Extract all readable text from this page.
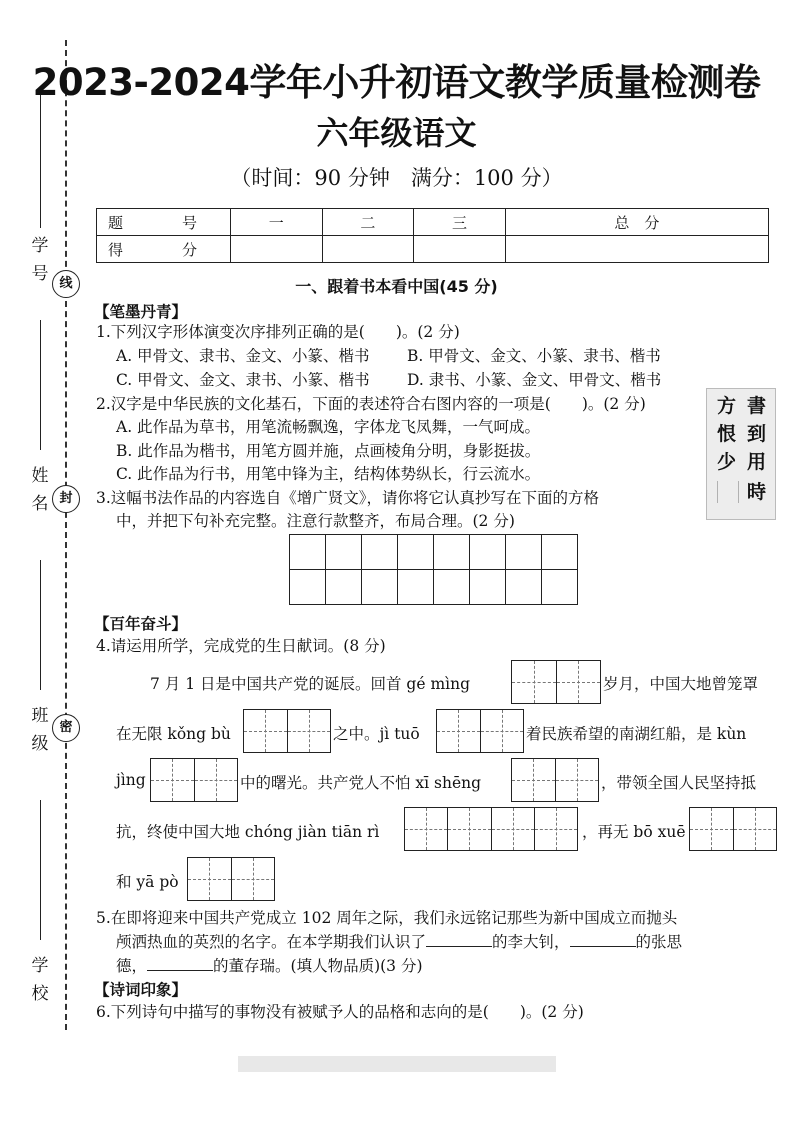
学 号
姓 名
班 级
学 校
线
封
密
2023-2024学年小升初语文教学质量检测卷
六年级语文
（时间：90 分钟　满分：100 分）
题　号	一	二	三	总　分
得　分				
一、跟着书本看中国(45 分)
【笔墨丹青】
1.下列汉字形体演变次序排列正确的是(　　)。(2 分)
A. 甲骨文、隶书、金文、小篆、楷书 B. 甲骨文、金文、小篆、隶书、楷书
C. 甲骨文、金文、隶书、小篆、楷书 D. 隶书、小篆、金文、甲骨文、楷书
2.汉字是中华民族的文化基石，下面的表述符合右图内容的一项是(　　)。(2 分)
A. 此作品为草书，用笔流畅飘逸，字体龙飞凤舞，一气呵成。
B. 此作品为楷书，用笔方圆并施，点画棱角分明，身影挺拔。
C. 此作品为行书，用笔中锋为主，结构体势纵长，行云流水。
3.这幅书法作品的内容选自《增广贤文》，请你将它认真抄写在下面的方格
中，并把下句补充完整。注意行款整齐，布局合理。(2 分)
書
到
用
時
方
恨
少

【百年奋斗】
4.请运用所学，完成党的生日献词。(8 分)
7 月 1 日是中国共产党的诞辰。回首 gé mìng	岁月，中国大地曾笼罩
在无限 kǒng bù	之中。jì tuō	着民族希望的南湖红船，是 kùn
jìng	中的曙光。共产党人不怕 xī shēng	，带领全国人民坚持抵
抗，终使中国大地 chóng jiàn tiān rì	，再无 bō xuē
和 yā pò
5.在即将迎来中国共产党成立 102 周年之际，我们永远铭记那些为新中国成立而抛头
颅洒热血的英烈的名字。在本学期我们认识了	的李大钊，	的张思
德，	的董存瑞。(填人物品质)(3 分)
【诗词印象】
6.下列诗句中描写的事物没有被赋予人的品格和志向的是(　　)。(2 分)
